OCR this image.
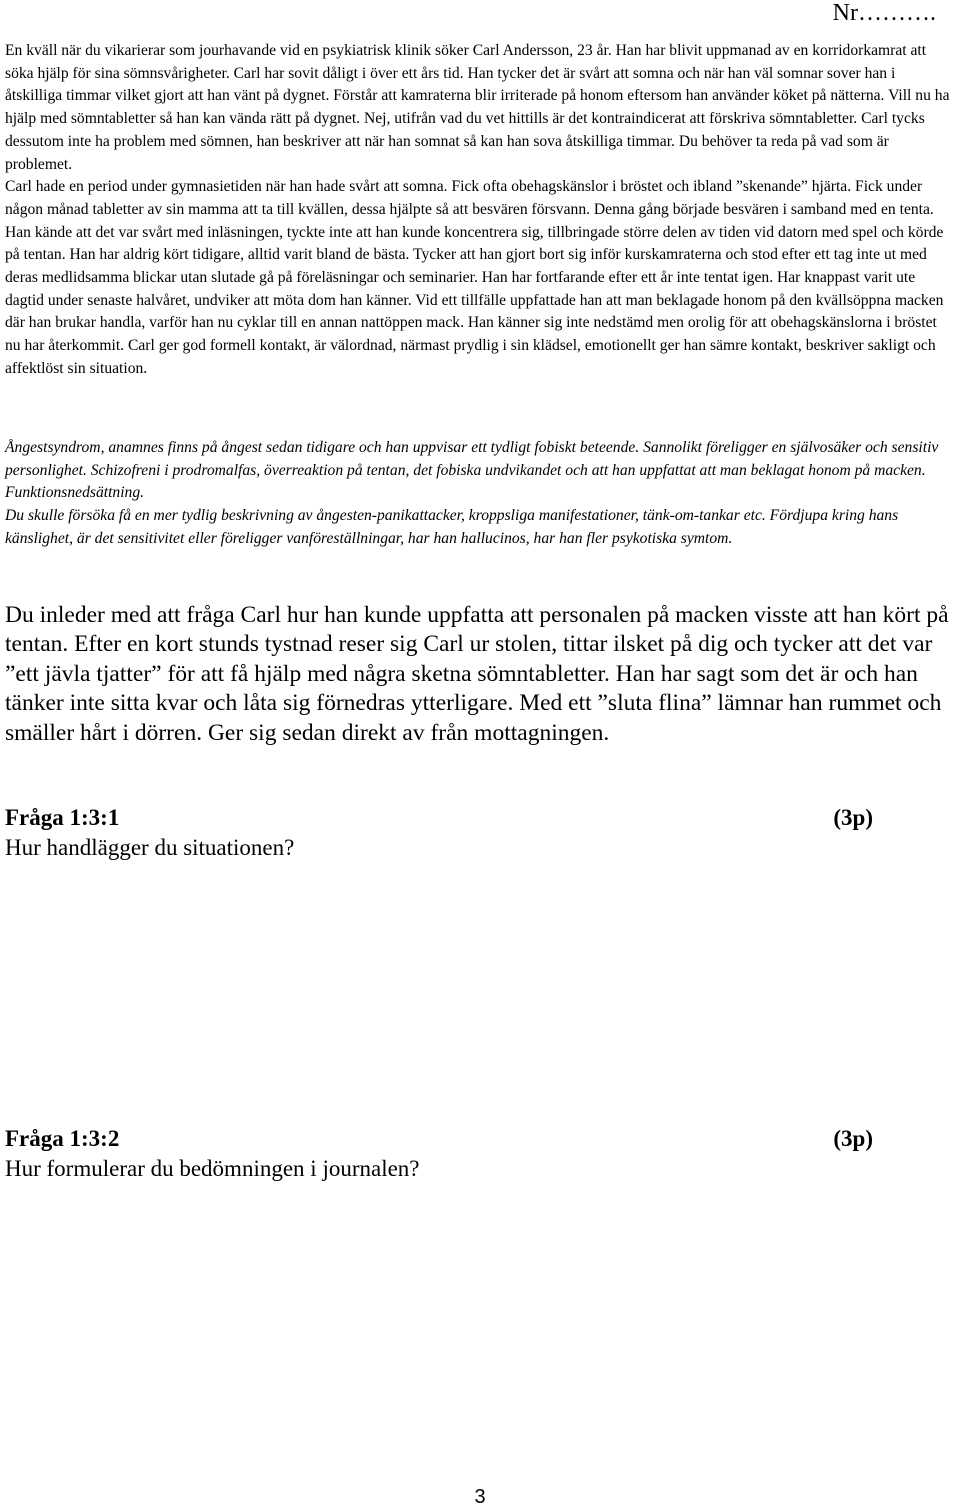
Nr……….

En kväll när du vikarierar som jourhavande vid en psykiatrisk klinik söker Carl Andersson, 23 år. Han har blivit uppmanad av en korridorkamrat att söka hjälp för sina sömnsvårigheter. Carl har sovit dåligt i över ett års tid. Han tycker det är svårt att somna och när han väl somnar sover han i åtskilliga timmar vilket gjort att han vänt på dygnet. Förstår att kamraterna blir irriterade på honom eftersom han använder köket på nätterna. Vill nu ha hjälp med sömntabletter så han kan vända rätt på dygnet. Nej, utifrån vad du vet hittills är det kontraindicerat att förskriva sömntabletter. Carl tycks dessutom inte ha problem med sömnen, han beskriver att när han somnat så kan han sova åtskilliga timmar. Du behöver ta reda på vad som är problemet.

Carl hade en period under gymnasietiden när han hade svårt att somna. Fick ofta obehagskänslor i bröstet och ibland ”skenande” hjärta. Fick under någon månad tabletter av sin mamma att ta till kvällen, dessa hjälpte så att besvären försvann. Denna gång började besvären i samband med en tenta. Han kände att det var svårt med inläsningen, tyckte inte att han kunde koncentrera sig, tillbringade större delen av tiden vid datorn med spel och körde på tentan. Han har aldrig kört tidigare, alltid varit bland de bästa. Tycker att han gjort bort sig inför kurskamraterna och stod efter ett tag inte ut med deras medlidsamma blickar utan slutade gå på föreläsningar och seminarier. Han har fortfarande efter ett år inte tentat igen. Har knappast varit ute dagtid under senaste halvåret, undviker att möta dom han känner. Vid ett tillfälle uppfattade han att man beklagade honom på den kvällsöppna macken där han brukar handla, varför han nu cyklar till en annan nattöppen mack. Han känner sig inte nedstämd men orolig för att obehagskänslorna i bröstet nu har återkommit. Carl ger god formell kontakt, är välordnad, närmast prydlig i sin klädsel, emotionellt ger han sämre kontakt, beskriver sakligt och affektlöst sin situation.

Ångestsyndrom, anamnes finns på ångest sedan tidigare och han uppvisar ett tydligt fobiskt beteende. Sannolikt föreligger en självosäker och sensitiv personlighet. Schizofreni i prodromalfas, överreaktion på tentan, det fobiska undvikandet och att han uppfattat att man beklagat honom på macken. Funktionsnedsättning.

Du skulle försöka få en mer tydlig beskrivning av ångesten-panikattacker, kroppsliga manifestationer, tänk-om-tankar etc. Fördjupa kring hans känslighet, är det sensitivitet eller föreligger vanföreställningar, har han hallucinos, har han fler psykotiska symtom.

Du inleder med att fråga Carl hur han kunde uppfatta att personalen på macken visste att han kört på tentan. Efter en kort stunds tystnad reser sig Carl ur stolen, tittar ilsket på dig och tycker att det var ”ett jävla tjatter” för att få hjälp med några sketna sömntabletter. Han har sagt som det är och han tänker inte sitta kvar och låta sig förnedras ytterligare. Med ett ”sluta flina” lämnar han rummet och smäller hårt i dörren. Ger sig sedan direkt av från mottagningen.
Fråga 1:3:1	(3p)
Hur handlägger du situationen?
Fråga 1:3:2	(3p)
Hur formulerar du bedömningen i journalen?
3
